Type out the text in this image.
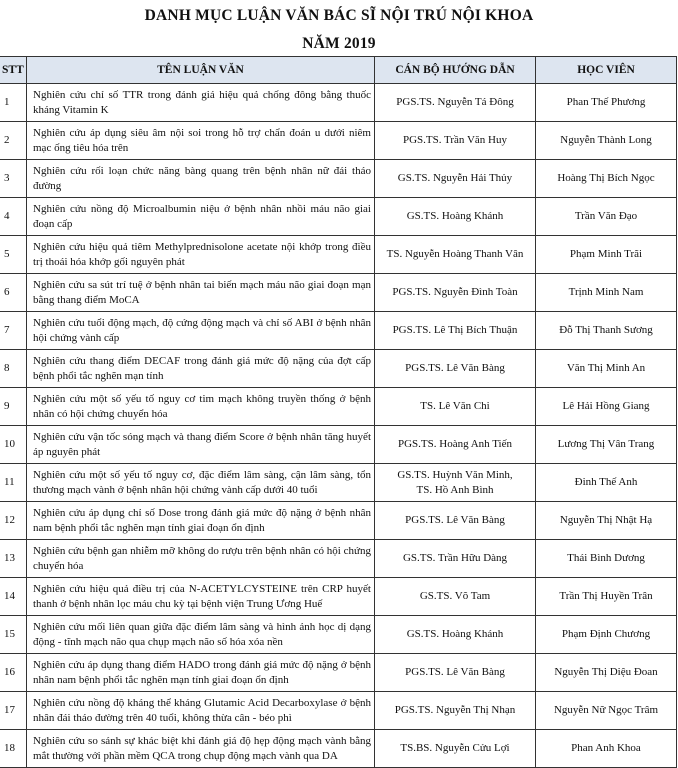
DANH MỤC LUẬN VĂN BÁC SĨ NỘI TRÚ NỘI KHOA
NĂM 2019
STT	TÊN LUẬN VĂN	CÁN BỘ HƯỚNG DẪN	HỌC VIÊN
1	Nghiên cứu chỉ số TTR trong đánh giá hiệu quả chống đông bằng thuốc kháng Vitamin K	PGS.TS. Nguyễn Tá Đông	Phan Thế Phương
2	Nghiên cứu áp dụng siêu âm nội soi trong hỗ trợ chẩn đoán u dưới niêm mạc ống tiêu hóa trên	PGS.TS. Trần Văn Huy	Nguyễn Thành Long
3	Nghiên cứu rối loạn chức năng bàng quang trên bệnh nhân nữ đái tháo đường	GS.TS. Nguyễn Hải Thủy	Hoàng Thị Bích Ngọc
4	Nghiên cứu nồng độ Microalbumin niệu ở bệnh nhân nhồi máu não giai đoạn cấp	GS.TS. Hoàng Khánh	Trần Văn Đạo
5	Nghiên cứu hiệu quả tiêm Methylprednisolone acetate nội khớp trong điều trị thoái hóa khớp gối nguyên phát	TS. Nguyễn Hoàng Thanh Vân	Phạm Minh Trãi
6	Nghiên cứu sa sút trí tuệ ở bệnh nhân tai biến mạch máu não giai đoạn mạn bằng thang điểm MoCA	PGS.TS. Nguyễn Đình Toàn	Trịnh Minh Nam
7	Nghiên cứu tuổi động mạch, độ cứng động mạch và chỉ số ABI ở bệnh nhân hội chứng vành cấp	PGS.TS. Lê Thị Bích Thuận	Đỗ Thị Thanh Sương
8	Nghiên cứu thang điểm DECAF trong đánh giá mức độ nặng của đợt cấp bệnh phổi tắc nghẽn mạn tính	PGS.TS. Lê Văn Bàng	Văn Thị Minh An
9	Nghiên cứu một số yếu tố nguy cơ tim mạch không truyền thống ở bệnh nhân có hội chứng chuyển hóa	TS. Lê Văn Chi	Lê Hải Hồng Giang
10	Nghiên cứu vận tốc sóng mạch và thang điểm Score ở bệnh nhân tăng huyết áp nguyên phát	PGS.TS. Hoàng Anh Tiến	Lương Thị Vân Trang
11	Nghiên cứu một số yếu tố nguy cơ, đặc điểm lâm sàng, cận lâm sàng, tổn thương mạch vành ở bệnh nhân hội chứng vành cấp dưới 40 tuổi	GS.TS. Huỳnh Văn Minh,
TS. Hồ Anh Bình	Đinh Thế Anh
12	Nghiên cứu áp dụng chỉ số Dose trong đánh giá mức độ nặng ở bệnh nhân nam bệnh phổi tắc nghẽn mạn tính giai đoạn ổn định	PGS.TS. Lê Văn Bàng	Nguyễn Thị Nhật Hạ
13	Nghiên cứu bệnh gan nhiễm mỡ không do rượu trên bệnh nhân có hội chứng chuyển hóa	GS.TS. Trần Hữu Dàng	Thái Bình Dương
14	Nghiên cứu hiệu quả điều trị của N-ACETYLCYSTEINE trên CRP huyết thanh ở bệnh nhân lọc máu chu kỳ tại bệnh viện Trung Ương Huế	GS.TS. Võ Tam	Trần Thị Huyền Trân
15	Nghiên cứu mối liên quan giữa đặc điểm lâm sàng và hình ảnh học dị dạng động - tĩnh mạch não qua chụp mạch não số hóa xóa nền	GS.TS. Hoàng Khánh	Phạm Định Chương
16	Nghiên cứu áp dụng thang điểm HADO trong đánh giá mức độ nặng ở bệnh nhân nam bệnh phổi tắc nghẽn mạn tính giai đoạn ổn định	PGS.TS. Lê Văn Bàng	Nguyễn Thị Diệu Đoan
17	Nghiên cứu nồng độ kháng thể kháng Glutamic Acid Decarboxylase ở bệnh nhân đái tháo đường trên 40 tuổi, không thừa cân - béo phì	PGS.TS. Nguyễn Thị Nhạn	Nguyễn Nữ Ngọc Trâm
18	Nghiên cứu so sánh sự khác biệt khi đánh giá độ hẹp động mạch vành bằng mắt thường với phần mềm QCA trong chụp động mạch vành qua DA	TS.BS. Nguyễn Cửu Lợi	Phan Anh Khoa
